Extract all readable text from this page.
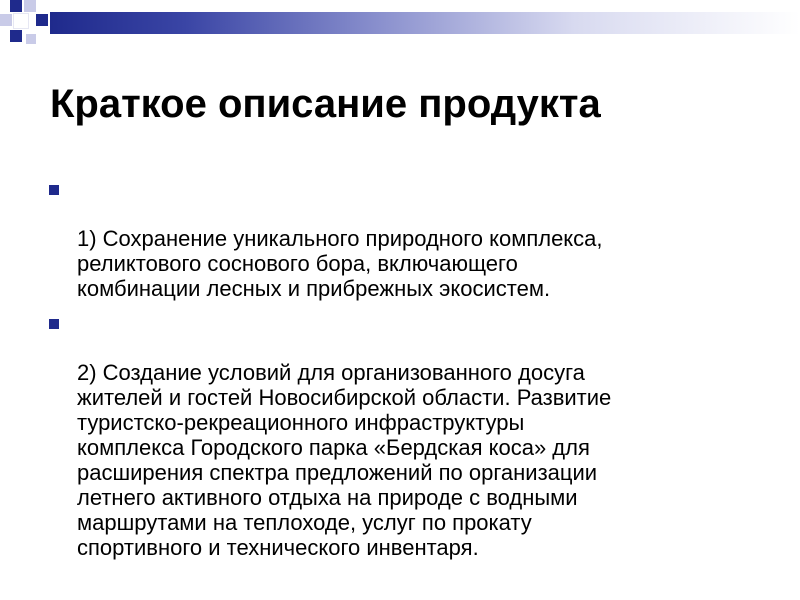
Краткое описание продукта

1) Сохранение уникального природного комплекса,
реликтового соснового бора, включающего
комбинации лесных и прибрежных экосистем.

2) Создание условий для организованного досуга
жителей и гостей Новосибирской области. Развитие
туристско-рекреационного инфраструктуры
комплекса Городского парка «Бердская коса» для
расширения спектра предложений по организации
летнего активного отдыха на природе с водными
маршрутами на теплоходе, услуг по прокату
спортивного и технического инвентаря.
